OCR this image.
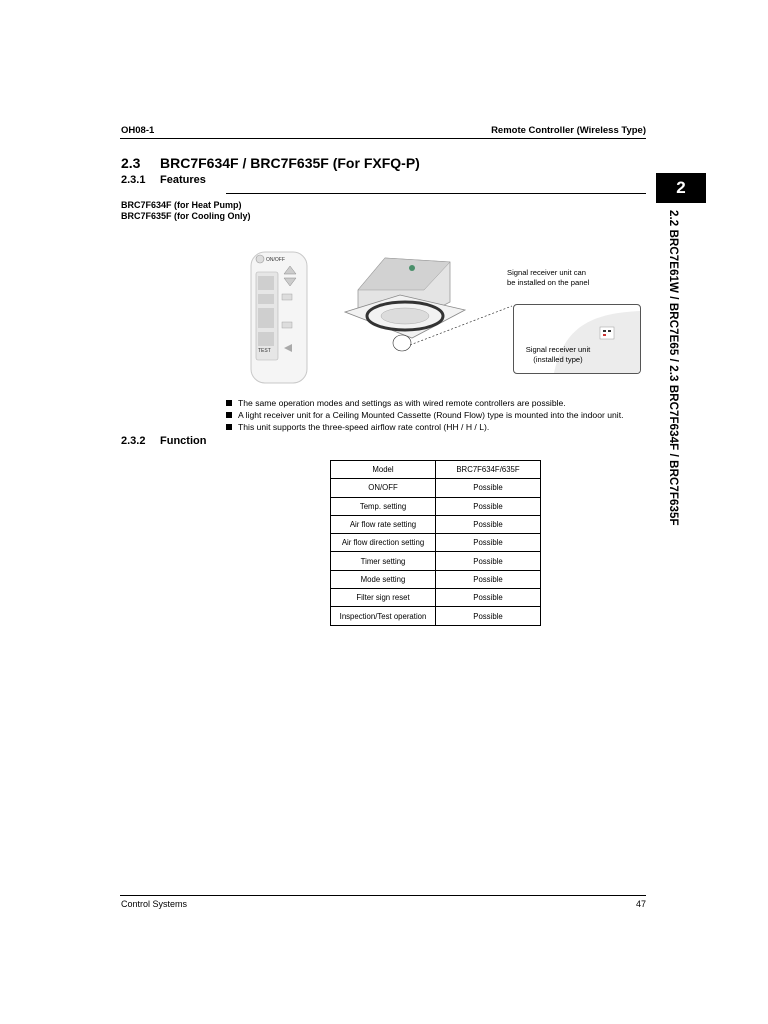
OH08-1	Remote Controller (Wireless Type)
2
2.2 BRC7E61W / BRC7E65 / 2.3 BRC7F634F / BRC7F635F
2.3 BRC7F634F / BRC7F635F (For FXFQ-P)
2.3.1 Features
BRC7F634F (for Heat Pump)
BRC7F635F (for Cooling Only)
ON/OFF
TEST
Signal receiver unit can
be installed on the panel
Signal receiver unit
(installed type)
The same operation modes and settings as with wired remote controllers are possible.
A light receiver unit for a Ceiling Mounted Cassette (Round Flow) type is mounted into the indoor unit.
This unit supports the three-speed airflow rate control (HH / H / L).
2.3.2 Function
Model	BRC7F634F/635F
ON/OFF	Possible
Temp. setting	Possible
Air flow rate setting	Possible
Air flow direction setting	Possible
Timer setting	Possible
Mode setting	Possible
Filter sign reset	Possible
Inspection/Test operation	Possible
Control Systems	47
